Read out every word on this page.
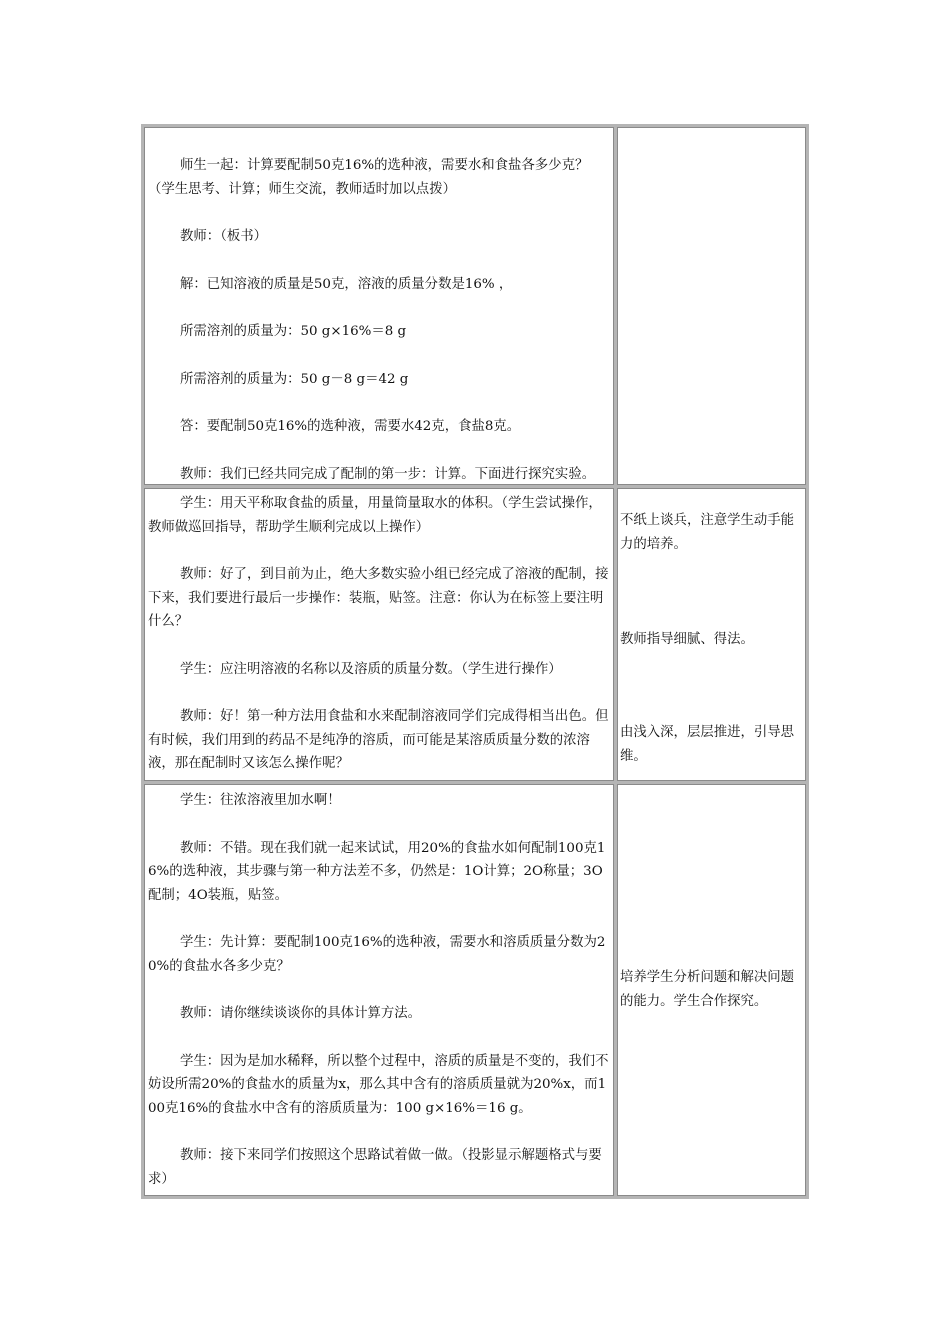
师生一起：计算要配制50克16%的选种液，需要水和食盐各多少克？（学生思考、计算；师生交流，教师适时加以点拨）

教师：（板书）

解：已知溶液的质量是50克，溶液的质量分数是16% ，

所需溶剂的质量为：50 g×16%＝8 g

所需溶剂的质量为：50 g－8 g＝42 g

答：要配制50克16%的选种液，需要水42克，食盐8克。

教师：我们已经共同完成了配制的第一步：计算。下面进行探究实验。

学生：用天平称取食盐的质量，用量筒量取水的体积。（学生尝试操作，教师做巡回指导，帮助学生顺利完成以上操作）

教师：好了，到目前为止，绝大多数实验小组已经完成了溶液的配制，接下来，我们要进行最后一步操作：装瓶，贴签。注意：你认为在标签上要注明什么？

学生：应注明溶液的名称以及溶质的质量分数。（学生进行操作）

教师：好！第一种方法用食盐和水来配制溶液同学们完成得相当出色。但有时候，我们用到的药品不是纯净的溶质，而可能是某溶质质量分数的浓溶液，那在配制时又该怎么操作呢？

不纸上谈兵，注意学生动手能力的培养。

教师指导细腻、得法。

由浅入深，层层推进，引导思维。

学生：往浓溶液里加水啊！

教师：不错。现在我们就一起来试试，用20%的食盐水如何配制100克16%的选种液，其步骤与第一种方法差不多，仍然是：1O计算；2O称量；3O配制；4O装瓶，贴签。

学生：先计算：要配制100克16%的选种液，需要水和溶质质量分数为20%的食盐水各多少克？

教师：请你继续谈谈你的具体计算方法。

学生：因为是加水稀释，所以整个过程中，溶质的质量是不变的，我们不妨设所需20%的食盐水的质量为x，那么其中含有的溶质质量就为20%x，而100克16%的食盐水中含有的溶质质量为：100 g×16%＝16 g。

教师：接下来同学们按照这个思路试着做一做。（投影显示解题格式与要求）

培养学生分析问题和解决问题的能力。学生合作探究。
